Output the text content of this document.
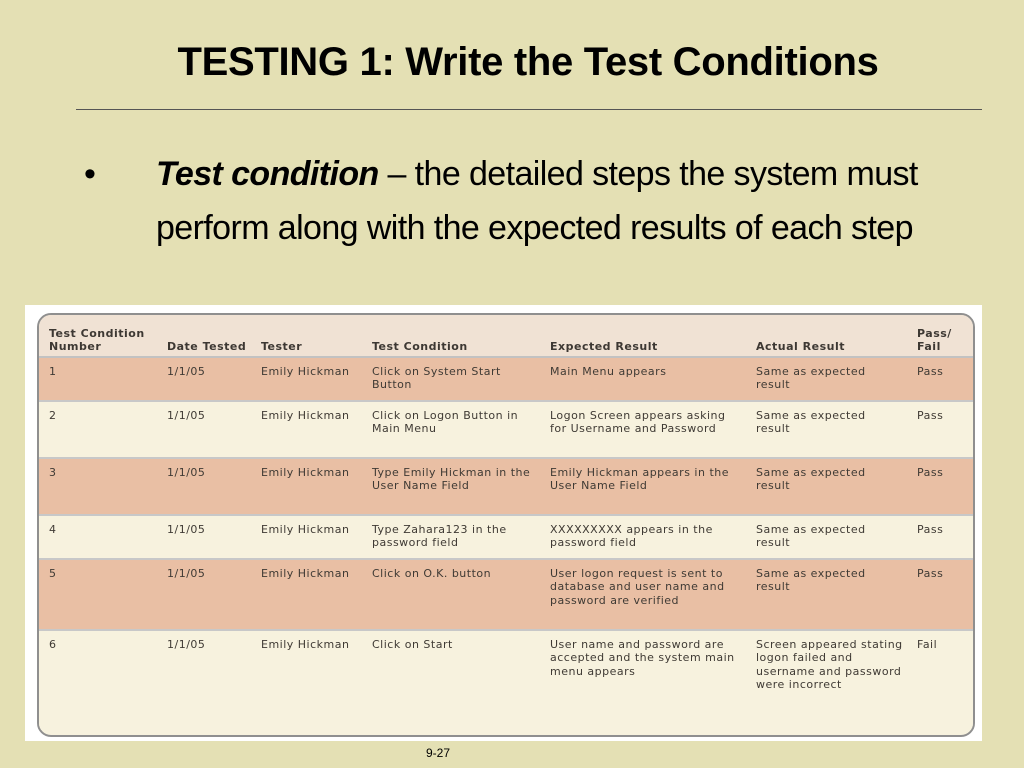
TESTING 1: Write the Test Conditions
• Test condition – the detailed steps the system must perform along with the expected results of each step
Test Condition Number	Date Tested	Tester	Test Condition	Expected Result	Actual Result	Pass/ Fail
1	1/1/05	Emily Hickman	Click on System Start Button	Main Menu appears	Same as expected result	Pass
2	1/1/05	Emily Hickman	Click on Logon Button in Main Menu	Logon Screen appears asking for Username and Password	Same as expected result	Pass
3	1/1/05	Emily Hickman	Type Emily Hickman in the User Name Field	Emily Hickman appears in the User Name Field	Same as expected result	Pass
4	1/1/05	Emily Hickman	Type Zahara123 in the password field	XXXXXXXXX appears in the password field	Same as expected result	Pass
5	1/1/05	Emily Hickman	Click on O.K. button	User logon request is sent to database and user name and password are verified	Same as expected result	Pass
6	1/1/05	Emily Hickman	Click on Start	User name and password are accepted and the system main menu appears	Screen appeared stating logon failed and username and password were incorrect	Fail
9-27
